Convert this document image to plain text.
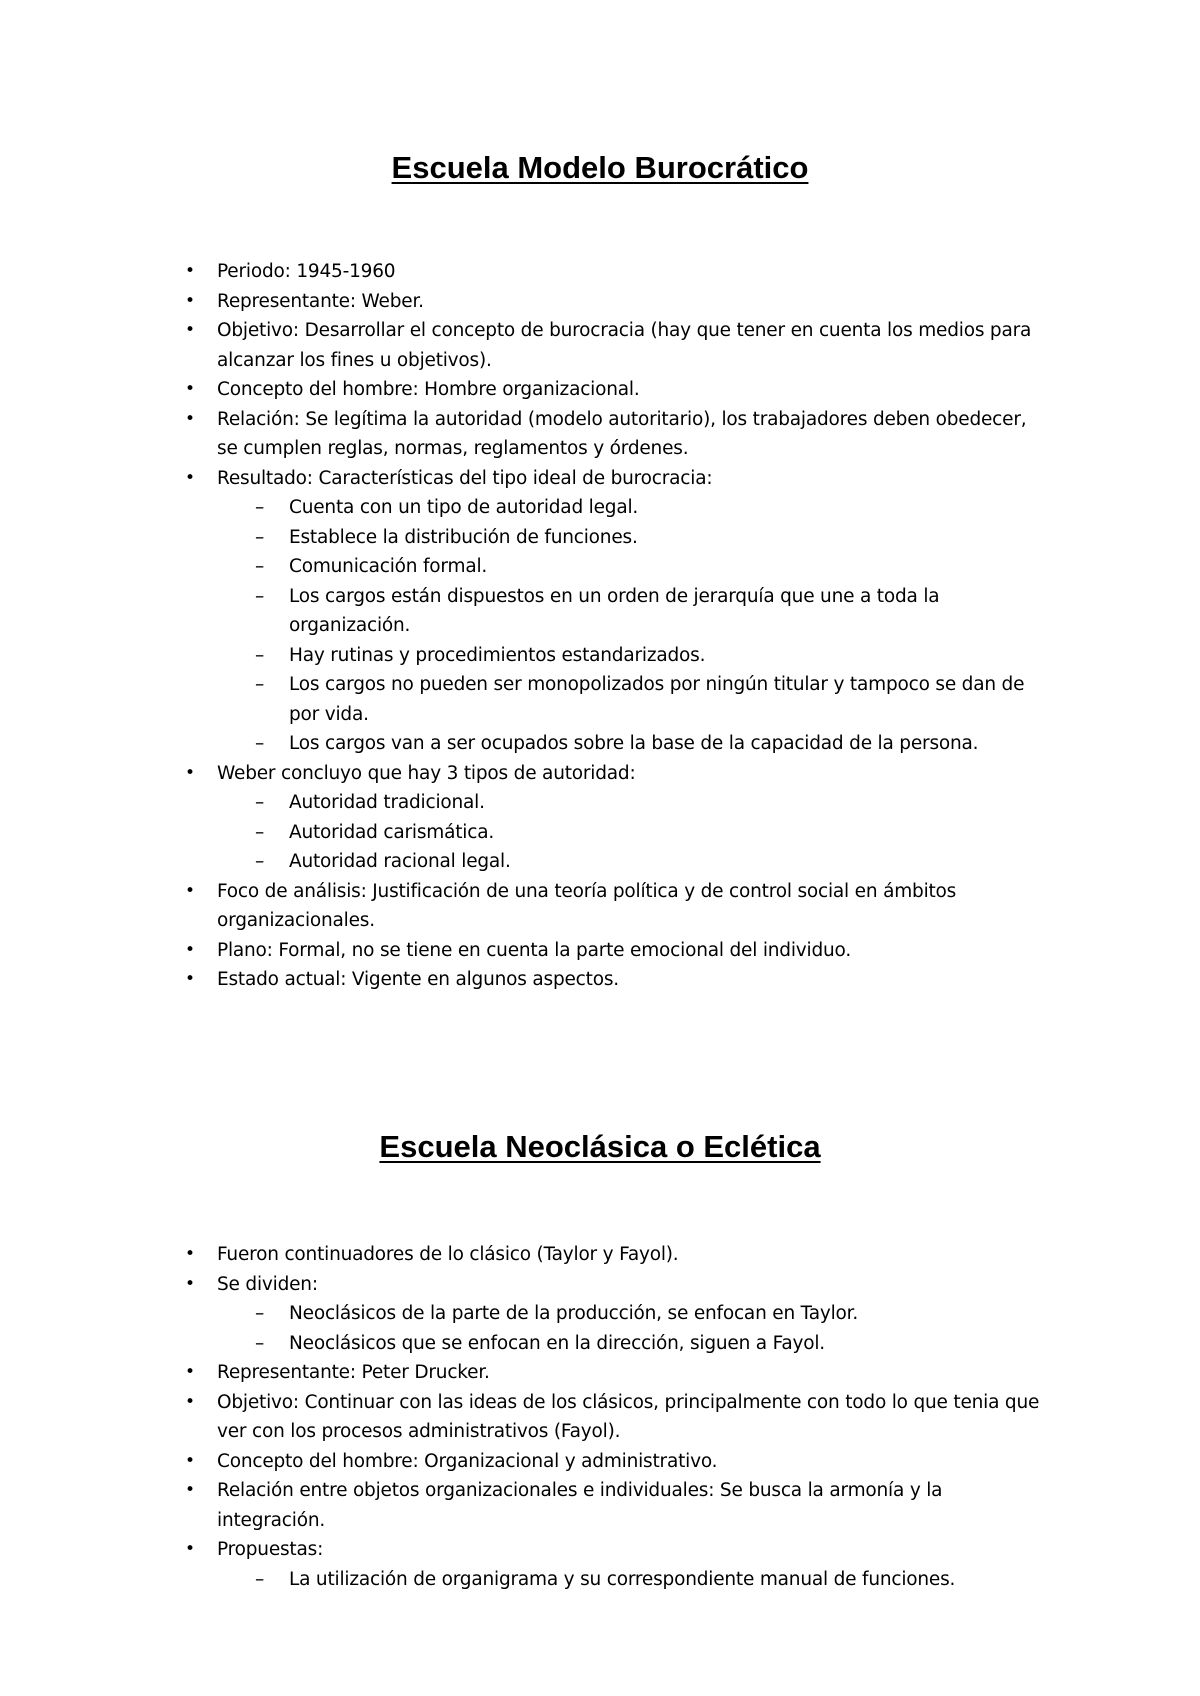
Escuela Modelo Burocrático
• Periodo: 1945-1960
• Representante: Weber.
• Objetivo: Desarrollar el concepto de burocracia (hay que tener en cuenta los medios para alcanzar los fines u objetivos).
• Concepto del hombre: Hombre organizacional.
• Relación: Se legítima la autoridad (modelo autoritario), los trabajadores deben obedecer, se cumplen reglas, normas, reglamentos y órdenes.
• Resultado: Características del tipo ideal de burocracia:
– Cuenta con un tipo de autoridad legal.
– Establece la distribución de funciones.
– Comunicación formal.
– Los cargos están dispuestos en un orden de jerarquía que une a toda la organización.
– Hay rutinas y procedimientos estandarizados.
– Los cargos no pueden ser monopolizados por ningún titular y tampoco se dan de por vida.
– Los cargos van a ser ocupados sobre la base de la capacidad de la persona.
• Weber concluyo que hay 3 tipos de autoridad:
– Autoridad tradicional.
– Autoridad carismática.
– Autoridad racional legal.
• Foco de análisis: Justificación de una teoría política y de control social en ámbitos organizacionales.
• Plano: Formal, no se tiene en cuenta la parte emocional del individuo.
• Estado actual: Vigente en algunos aspectos.
Escuela Neoclásica o Eclética
• Fueron continuadores de lo clásico (Taylor y Fayol).
• Se dividen:
– Neoclásicos de la parte de la producción, se enfocan en Taylor.
– Neoclásicos que se enfocan en la dirección, siguen a Fayol.
• Representante: Peter Drucker.
• Objetivo: Continuar con las ideas de los clásicos, principalmente con todo lo que tenia que ver con los procesos administrativos (Fayol).
• Concepto del hombre: Organizacional y administrativo.
• Relación entre objetos organizacionales e individuales: Se busca la armonía y la integración.
• Propuestas:
– La utilización de organigrama y su correspondiente manual de funciones.
